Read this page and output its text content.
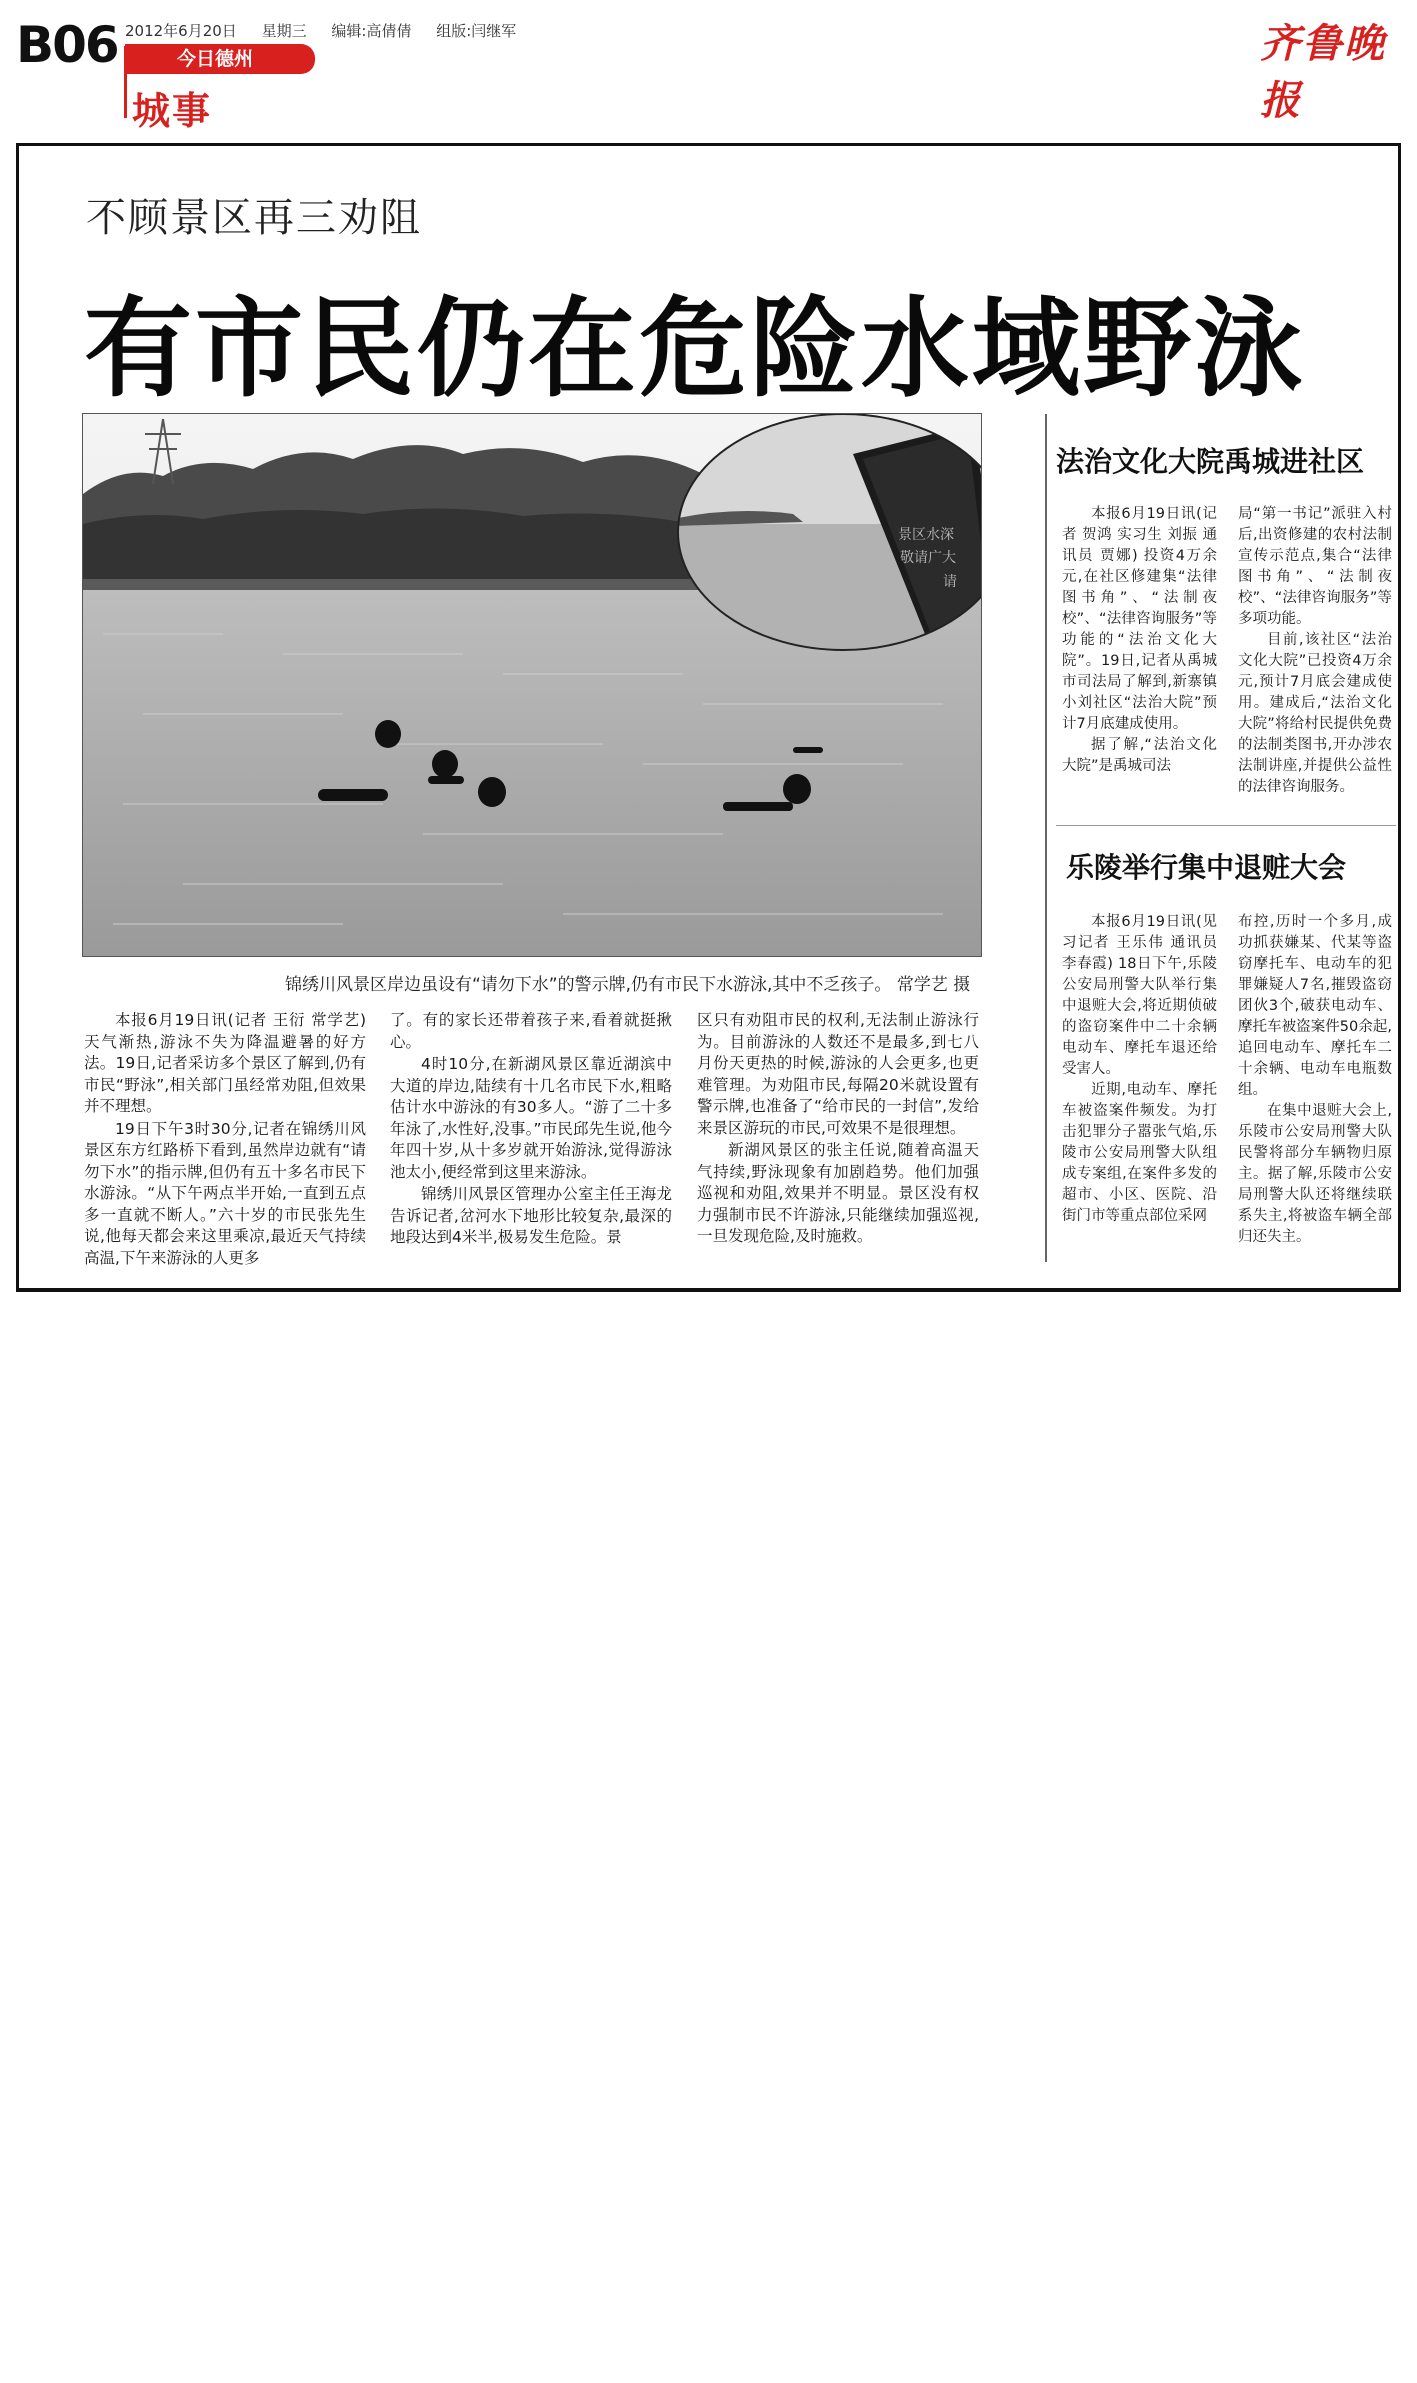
B06 2012年6月20日 星期三 编辑:高倩倩 组版:闫继军
今日德州
城事
齐鲁晚报
不顾景区再三劝阻
有市民仍在危险水域野泳
景区水深
敬请广大
请
锦绣川风景区岸边虽设有“请勿下水”的警示牌,仍有市民下水游泳,其中不乏孩子。 常学艺 摄

本报6月19日讯(记者 王衍 常学艺) 天气渐热,游泳不失为降温避暑的好方法。19日,记者采访多个景区了解到,仍有市民“野泳”,相关部门虽经常劝阻,但效果并不理想。

19日下午3时30分,记者在锦绣川风景区东方红路桥下看到,虽然岸边就有“请勿下水”的指示牌,但仍有五十多名市民下水游泳。“从下午两点半开始,一直到五点多一直就不断人。”六十岁的市民张先生说,他每天都会来这里乘凉,最近天气持续高温,下午来游泳的人更多

了。有的家长还带着孩子来,看着就挺揪心。

4时10分,在新湖风景区靠近湖滨中大道的岸边,陆续有十几名市民下水,粗略估计水中游泳的有30多人。“游了二十多年泳了,水性好,没事。”市民邱先生说,他今年四十岁,从十多岁就开始游泳,觉得游泳池太小,便经常到这里来游泳。

锦绣川风景区管理办公室主任王海龙告诉记者,岔河水下地形比较复杂,最深的地段达到4米半,极易发生危险。景

区只有劝阻市民的权利,无法制止游泳行为。目前游泳的人数还不是最多,到七八月份天更热的时候,游泳的人会更多,也更难管理。为劝阻市民,每隔20米就设置有警示牌,也准备了“给市民的一封信”,发给来景区游玩的市民,可效果不是很理想。

新湖风景区的张主任说,随着高温天气持续,野泳现象有加剧趋势。他们加强巡视和劝阻,效果并不明显。景区没有权力强制市民不许游泳,只能继续加强巡视,一旦发现危险,及时施救。

法治文化大院禹城进社区

本报6月19日讯(记者 贺鸿 实习生 刘振 通讯员 贾娜) 投资4万余元,在社区修建集“法律图书角”、“法制夜校”、“法律咨询服务”等功能的“法治文化大院”。19日,记者从禹城市司法局了解到,新寨镇小刘社区“法治大院”预计7月底建成使用。

据了解,“法治文化大院”是禹城司法

局“第一书记”派驻入村后,出资修建的农村法制宣传示范点,集合“法律图书角”、“法制夜校”、“法律咨询服务”等多项功能。

目前,该社区“法治文化大院”已投资4万余元,预计7月底会建成使用。建成后,“法治文化大院”将给村民提供免费的法制类图书,开办涉农法制讲座,并提供公益性的法律咨询服务。

乐陵举行集中退赃大会

本报6月19日讯(见习记者 王乐伟 通讯员 李春霞) 18日下午,乐陵公安局刑警大队举行集中退赃大会,将近期侦破的盗窃案件中二十余辆电动车、摩托车退还给受害人。

近期,电动车、摩托车被盗案件频发。为打击犯罪分子嚣张气焰,乐陵市公安局刑警大队组成专案组,在案件多发的超市、小区、医院、沿街门市等重点部位采网

布控,历时一个多月,成功抓获嫌某、代某等盗窃摩托车、电动车的犯罪嫌疑人7名,摧毁盗窃团伙3个,破获电动车、摩托车被盗案件50余起,追回电动车、摩托车二十余辆、电动车电瓶数组。

在集中退赃大会上,乐陵市公安局刑警大队民警将部分车辆物归原主。据了解,乐陵市公安局刑警大队还将继续联系失主,将被盗车辆全部归还失主。
